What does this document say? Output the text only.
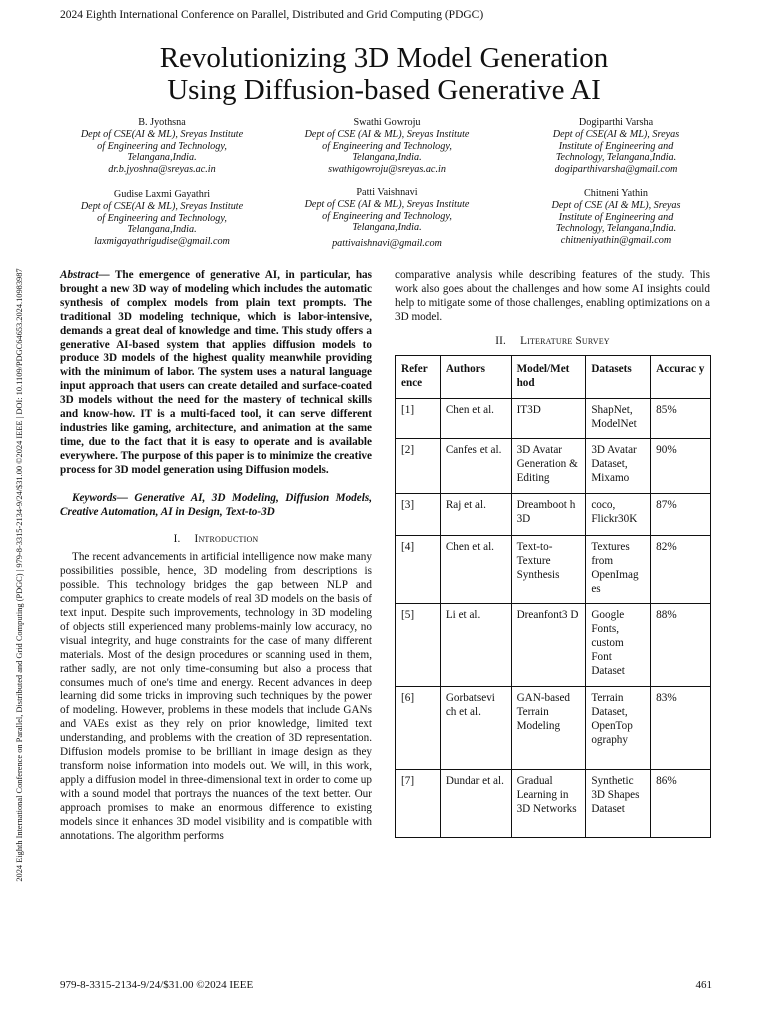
2024 Eighth International Conference on Parallel, Distributed and Grid Computing (PDGC)
2024 Eighth International Conference on Parallel, Distributed and Grid Computing (PDGC) | 979-8-3315-2134-9/24/$31.00 ©2024 IEEE | DOI: 10.1109/PDGC64653.2024.10983987
Revolutionizing 3D Model Generation
Using Diffusion-based Generative AI
B. Jyothsna
Dept of CSE(AI & ML), Sreyas Institute
of Engineering and Technology,
Telangana,India.
dr.b.jyoshna@sreyas.ac.in
Swathi Gowroju
Dept of CSE (AI & ML), Sreyas Institute
of Engineering and Technology,
Telangana,India.
swathigowroju@sreyas.ac.in
Dogiparthi Varsha
Dept of CSE(AI & ML), Sreyas
Institute of Engineering and
Technology, Telangana,India.
dogiparthivarsha@gmail.com
Gudise Laxmi Gayathri
Dept of CSE(AI & ML), Sreyas Institute
of Engineering and Technology,
Telangana,India.
laxmigayathrigudise@gmail.com
Patti Vaishnavi
Dept of CSE (AI & ML), Sreyas Institute
of Engineering and Technology,
Telangana,India.
pattivaishnavi@gmail.com
Chitneni Yathin
Dept of CSE (AI & ML), Sreyas
Institute of Engineering and
Technology, Telangana,India.
chitneniyathin@gmail.com

Abstract— The emergence of generative AI, in particular, has brought a new 3D way of modeling which includes the automatic synthesis of complex models from plain text prompts. The traditional 3D modeling technique, which is labor-intensive, demands a great deal of knowledge and time. This study offers a generative AI-based system that applies diffusion models to produce 3D models of the highest quality meanwhile providing with the minimum of labor. The system uses a natural language input approach that users can create detailed and surface-coated 3D models without the need for the mastery of technical skills and know-how. IT is a multi-faced tool, it can serve different industries like gaming, architecture, and animation at the same time, due to the fact that it is easy to operate and is available everywhere. The purpose of this paper is to minimize the creative process for 3D model generation using Diffusion models.

Keywords— Generative AI, 3D Modeling, Diffusion Models, Creative Automation, AI in Design, Text-to-3D

I. Introduction

The recent advancements in artificial intelligence now make many possibilities possible, hence, 3D modeling from descriptions is possible. This technology bridges the gap between NLP and computer graphics to create models of real 3D models on the basis of text input. Despite such improvements, technology in 3D modeling of objects still experienced many problems-mainly low accuracy, no visual integrity, and huge constraints for the case of many different materials. Most of the design procedures or scanning used in them, rather sadly, are not only time-consuming but also a process that consumes much of one's time and energy. Recent advances in deep learning did some tricks in improving such techniques by the power of modeling. However, problems in these models that include GANs and VAEs exist as they rely on prior knowledge, limited text understanding, and problems with the creation of 3D representation. Diffusion models promise to be brilliant in image design as they transform noise information into models out. We will, in this work, apply a diffusion model in three-dimensional text in order to come up with a sound model that portrays the nuances of the text better. Our approach promises to make an enormous difference to existing models since it enhances 3D model visibility and is compatible with annotations. The algorithm performs

comparative analysis while describing features of the study. This work also goes about the challenges and how some AI insights could help to mitigate some of those challenges, enabling optimizations on a 3D model.

II. Literature Survey
Refer ence	Authors	Model/Met hod	Datasets	Accurac y
[1]	Chen et al.	IT3D	ShapNet, ModelNet	85%
[2]	Canfes et al.	3D Avatar Generation & Editing	3D Avatar Dataset, Mixamo	90%
[3]	Raj et al.	Dreamboot h 3D	coco, Flickr30K	87%
[4]	Chen et al.	Text-to-Texture Synthesis	Textures from OpenImag es	82%
[5]	Li et al.	Dreanfont3 D	Google Fonts, custom Font Dataset	88%
[6]	Gorbatsevi ch et al.	GAN-based Terrain Modeling	Terrain Dataset, OpenTop ography	83%
[7]	Dundar et al.	Gradual Learning in 3D Networks	Synthetic 3D Shapes Dataset	86%
979-8-3315-2134-9/24/$31.00 ©2024 IEEE	461
